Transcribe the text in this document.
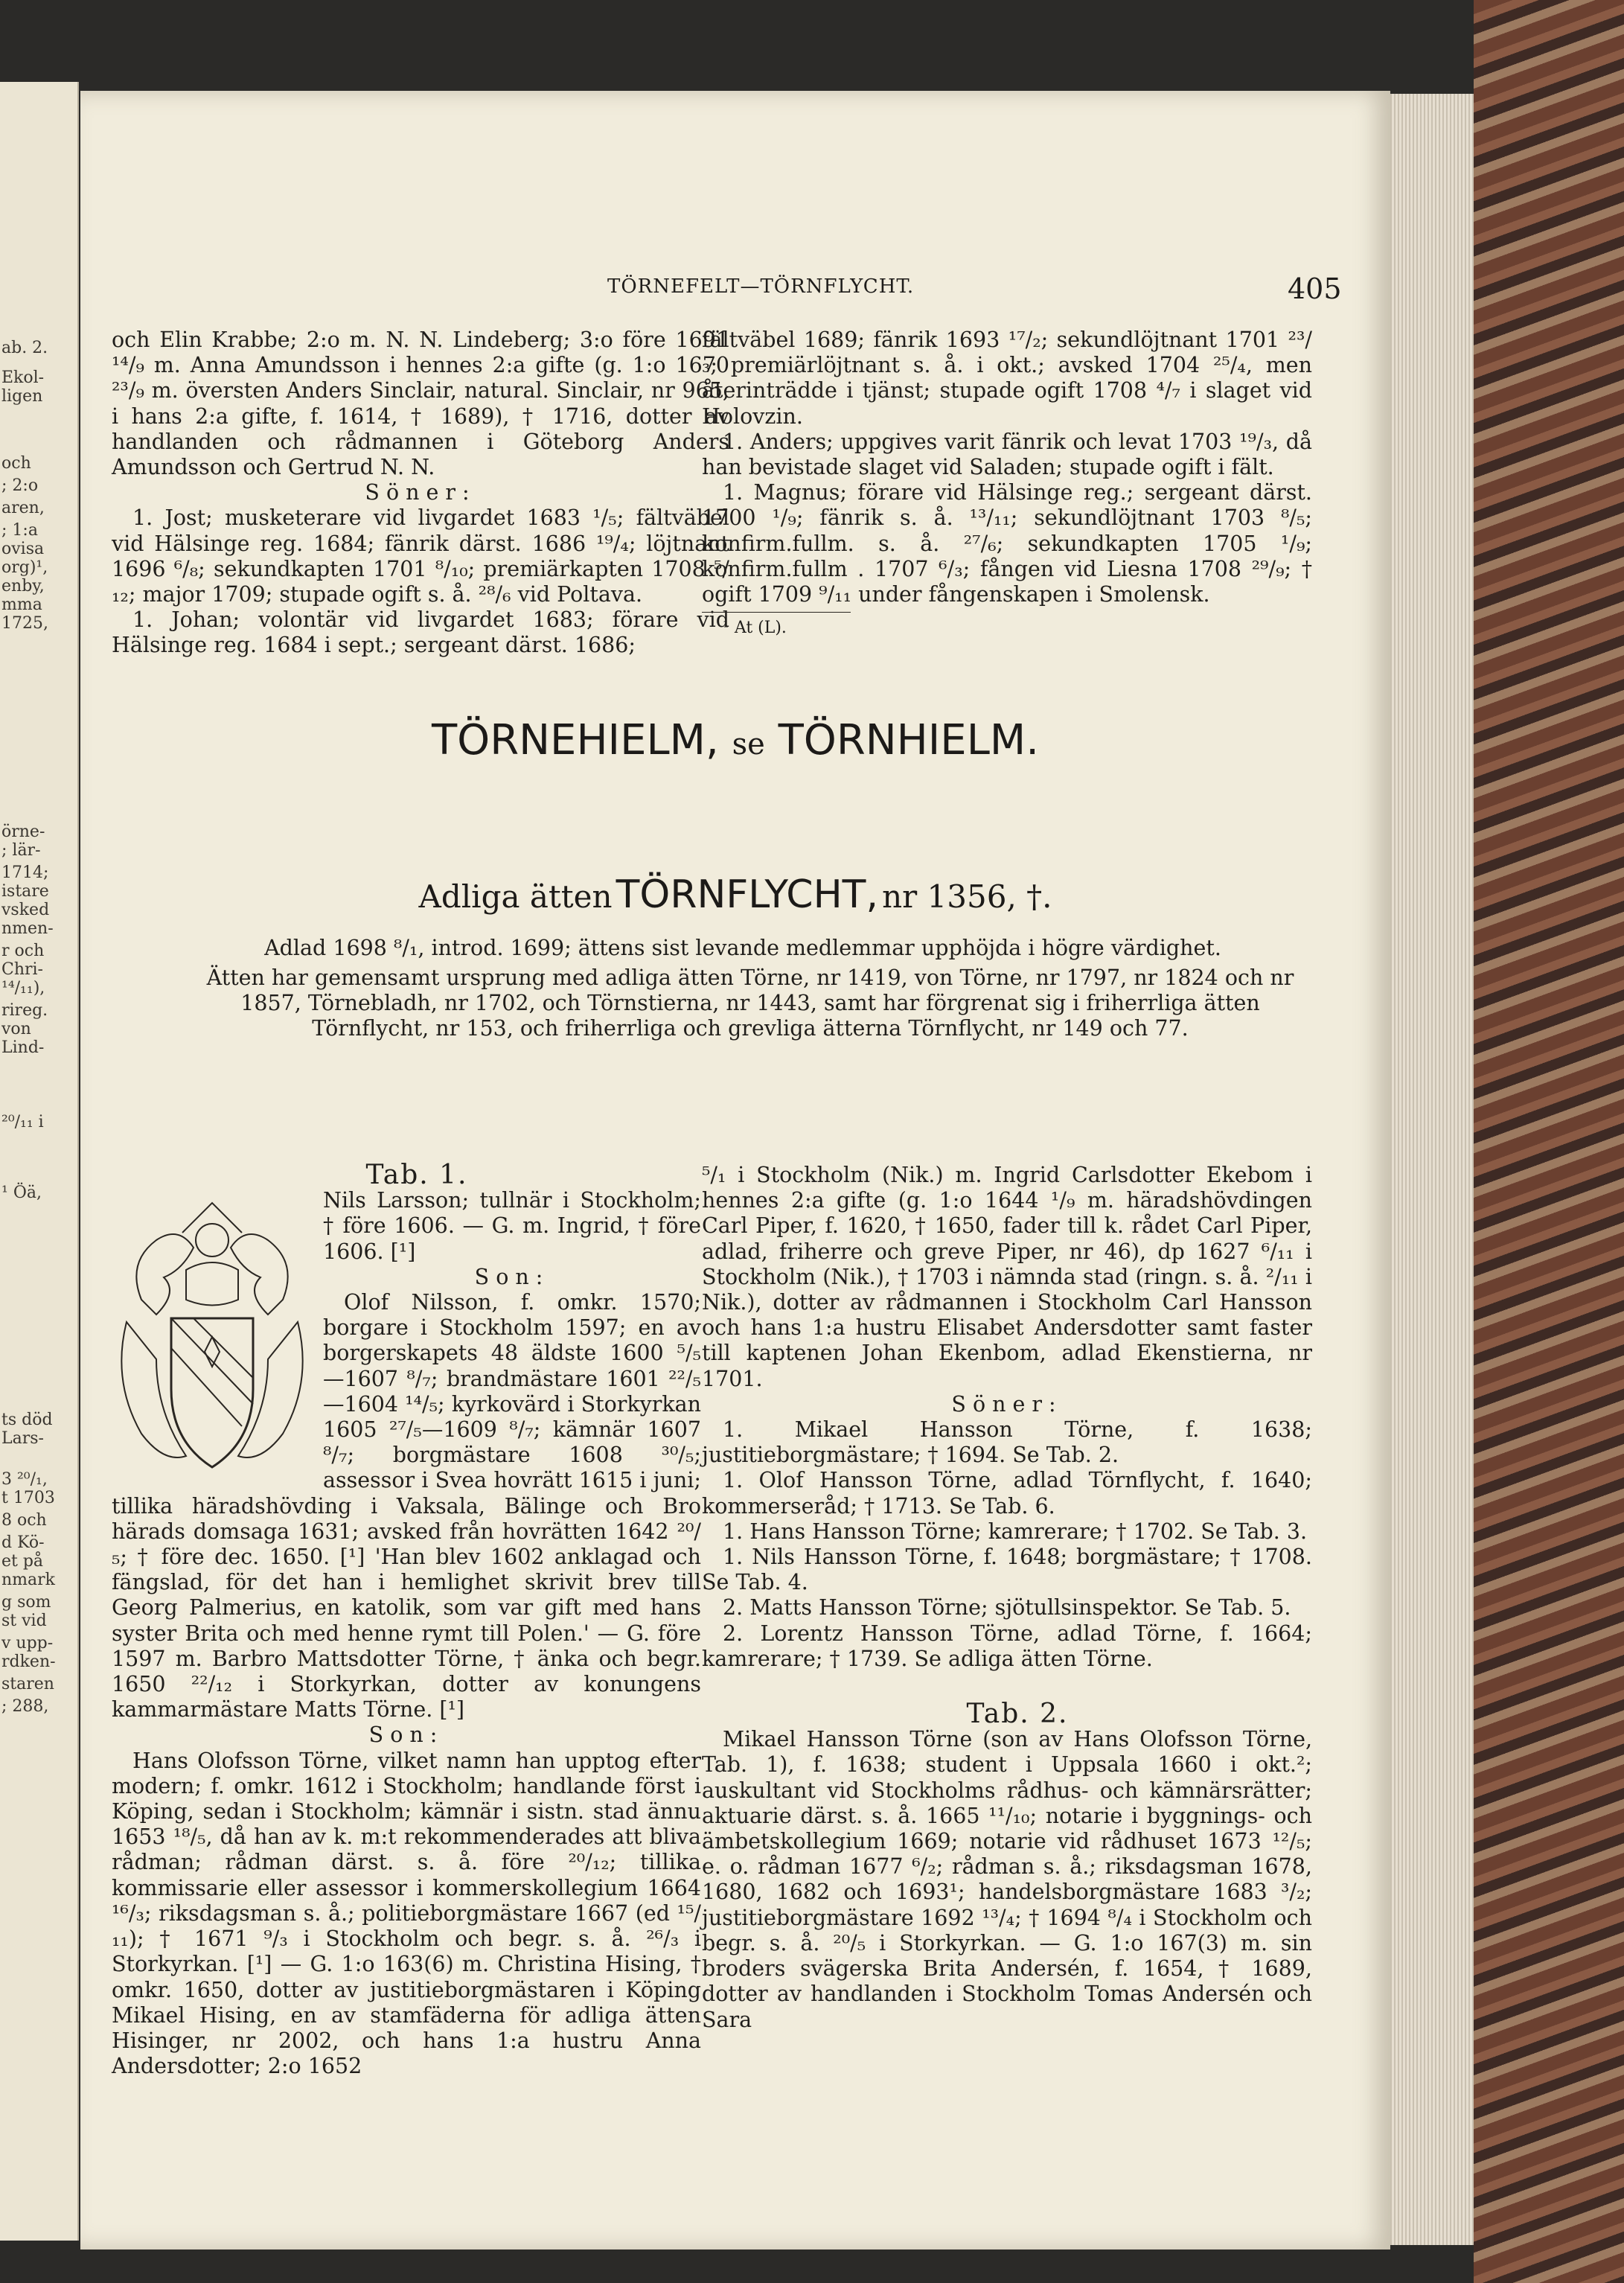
ab. 2.
Ekol-
ligen
och
; 2:o
aren,
; 1:a
ovisa
org)¹,
enby,
mma
1725,
örne-
; lär-
1714;
istare
vsked
nmen-
r och
Chri-
¹⁴/₁₁),
rireg.
von
Lind-
²⁰/₁₁ i
¹ Öä,
ts död
Lars-
3 ²⁰/₁,
t 1703
8 och
d Kö-
et på
nmark
g som
st vid
v upp-
rdken-
staren
; 288,
TÖRNEFELT—TÖRNFLYCHT.	405

och Elin Krabbe; 2:o m. N. N. Lindeberg; 3:o före 1691 ¹⁴/₉ m. Anna Amundsson i hennes 2:a gifte (g. 1:o 1670 ²³/₉ m. översten Anders Sinclair, natural. Sinclair, nr 965, i hans 2:a gifte, f. 1614, † 1689), † 1716, dotter av handlanden och rådmannen i Göteborg Anders Amundsson och Gertrud N. N.

Söner:

1. Jost; musketerare vid livgardet 1683 ¹/₅; fältväbel vid Hälsinge reg. 1684; fänrik därst. 1686 ¹⁹/₄; löjtnant 1696 ⁶/₈; sekundkapten 1701 ⁸/₁₀; premiärkapten 1708 ⁵/₁₂; major 1709; stupade ogift s. å. ²⁸/₆ vid Poltava.

1. Johan; volontär vid livgardet 1683; förare vid Hälsinge reg. 1684 i sept.; sergeant därst. 1686;

fältväbel 1689; fänrik 1693 ¹⁷/₂; sekundlöjtnant 1701 ²³/₃; premiärlöjtnant s. å. i okt.; avsked 1704 ²⁵/₄, men återinträdde i tjänst; stupade ogift 1708 ⁴/₇ i slaget vid Holovzin.

1. Anders; uppgives varit fänrik och levat 1703 ¹⁹/₃, då han bevistade slaget vid Saladen; stupade ogift i fält.

1. Magnus; förare vid Hälsinge reg.; sergeant därst. 1700 ¹/₉; fänrik s. å. ¹³/₁₁; sekundlöjtnant 1703 ⁸/₅; konfirm.fullm. s. å. ²⁷/₆; sekundkapten 1705 ¹/₉; konfirm.fullm . 1707 ⁶/₃; fången vid Liesna 1708 ²⁹/₉; † ogift 1709 ⁹/₁₁ under fångenskapen i Smolensk.

¹ At (L).

TÖRNEHIELM, se TÖRNHIELM.
Adliga ätten TÖRNFLYCHT, nr 1356, †.
Adlad 1698 ⁸/₁, introd. 1699; ättens sist levande medlemmar upphöjda i högre värdighet.
Ätten har gemensamt ursprung med adliga ätten Törne, nr 1419, von Törne, nr 1797, nr 1824 och nr 1857, Törnebladh, nr 1702, och Törnstierna, nr 1443, samt har förgrenat sig i friherrliga ätten Törnflycht, nr 153, och friherrliga och grevliga ätterna Törnflycht, nr 149 och 77.

Tab. 1.

Nils Larsson; tullnär i Stockholm; † före 1606. — G. m. Ingrid, † före 1606. [¹]

Son:

Olof Nilsson, f. omkr. 1570; borgare i Stockholm 1597; en av borgerskapets 48 äldste 1600 ⁵/₅ —1607 ⁸/₇; brandmästare 1601 ²²/₅—1604 ¹⁴/₅; kyrkovärd i Storkyrkan 1605 ²⁷/₅—1609 ⁸/₇; kämnär 1607 ⁸/₇; borgmästare 1608 ³⁰/₅; assessor i Svea hovrätt 1615 i juni; tillika häradshövding i Vaksala, Bälinge och Bro härads domsaga 1631; avsked från hovrätten 1642 ²⁰/₅; † före dec. 1650. [¹] 'Han blev 1602 anklagad och fängslad, för det han i hemlighet skrivit brev till Georg Palmerius, en katolik, som var gift med hans syster Brita och med henne rymt till Polen.' — G. före 1597 m. Barbro Mattsdotter Törne, † änka och begr. 1650 ²²/₁₂ i Storkyrkan, dotter av konungens kammarmästare Matts Törne. [¹]

Son:

Hans Olofsson Törne, vilket namn han upptog efter modern; f. omkr. 1612 i Stockholm; handlande först i Köping, sedan i Stockholm; kämnär i sistn. stad ännu 1653 ¹⁸/₅, då han av k. m:t rekommenderades att bliva rådman; rådman därst. s. å. före ²⁰/₁₂; tillika kommissarie eller assessor i kommerskollegium 1664 ¹⁶/₃; riksdagsman s. å.; politieborgmästare 1667 (ed ¹⁵/₁₁); † 1671 ⁹/₃ i Stockholm och begr. s. å. ²⁶/₃ i Storkyrkan. [¹] — G. 1:o 163(6) m. Christina Hising, † omkr. 1650, dotter av justitieborgmästaren i Köping Mikael Hising, en av stamfäderna för adliga ätten Hisinger, nr 2002, och hans 1:a hustru Anna Andersdotter; 2:o 1652

⁵/₁ i Stockholm (Nik.) m. Ingrid Carlsdotter Ekebom i hennes 2:a gifte (g. 1:o 1644 ¹/₉ m. häradshövdingen Carl Piper, f. 1620, † 1650, fader till k. rådet Carl Piper, adlad, friherre och greve Piper, nr 46), dp 1627 ⁶/₁₁ i Stockholm (Nik.), † 1703 i nämnda stad (ringn. s. å. ²/₁₁ i Nik.), dotter av rådmannen i Stockholm Carl Hansson och hans 1:a hustru Elisabet Andersdotter samt faster till kaptenen Johan Ekenbom, adlad Ekenstierna, nr 1701.

Söner:

1. Mikael Hansson Törne, f. 1638; justitieborgmästare; † 1694. Se Tab. 2.

1. Olof Hansson Törne, adlad Törnflycht, f. 1640; kommerseråd; † 1713. Se Tab. 6.

1. Hans Hansson Törne; kamrerare; † 1702. Se Tab. 3.

1. Nils Hansson Törne, f. 1648; borgmästare; † 1708. Se Tab. 4.

2. Matts Hansson Törne; sjötullsinspektor. Se Tab. 5.

2. Lorentz Hansson Törne, adlad Törne, f. 1664; kamrerare; † 1739. Se adliga ätten Törne.

Tab. 2.

Mikael Hansson Törne (son av Hans Olofsson Törne, Tab. 1), f. 1638; student i Uppsala 1660 i okt.²; auskultant vid Stockholms rådhus- och kämnärsrätter; aktuarie därst. s. å. 1665 ¹¹/₁₀; notarie i byggnings- och ämbetskollegium 1669; notarie vid rådhuset 1673 ¹²/₅; e. o. rådman 1677 ⁶/₂; rådman s. å.; riksdagsman 1678, 1680, 1682 och 1693¹; handelsborgmästare 1683 ³/₂; justitieborgmästare 1692 ¹³/₄; † 1694 ⁸/₄ i Stockholm och begr. s. å. ²⁰/₅ i Storkyrkan. — G. 1:o 167(3) m. sin broders svägerska Brita Andersén, f. 1654, † 1689, dotter av handlanden i Stockholm Tomas Andersén och Sara
